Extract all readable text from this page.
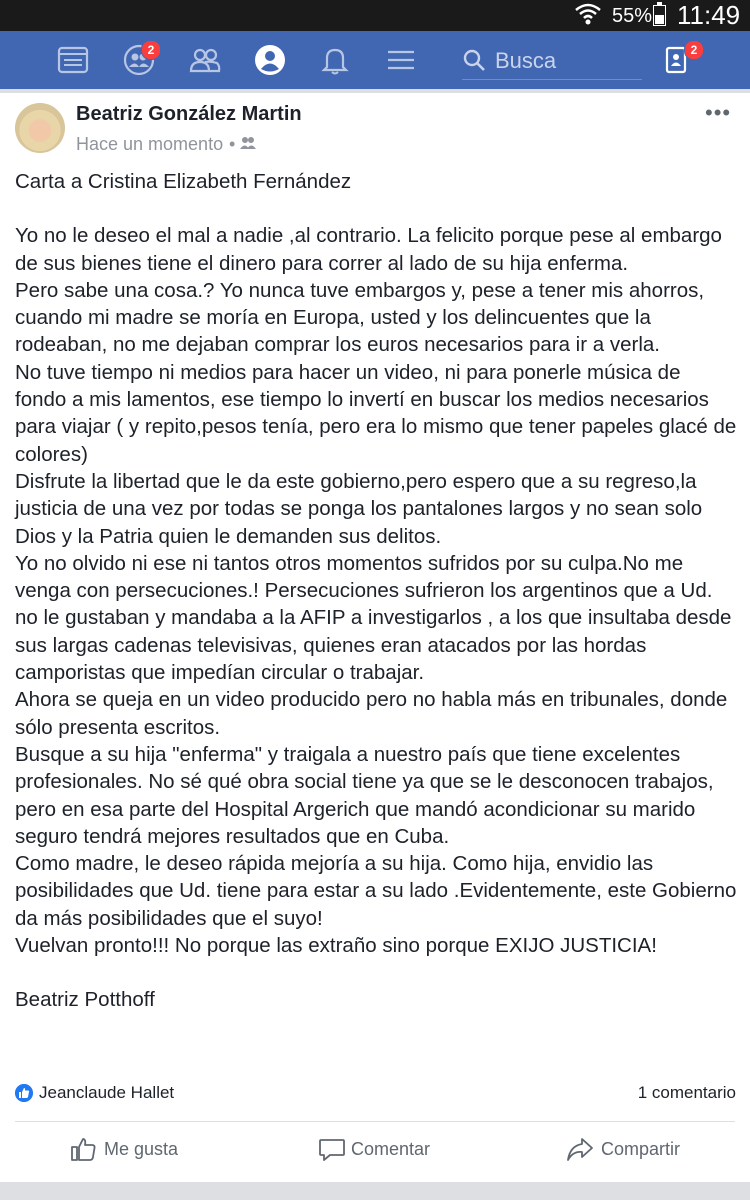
55% 11:49
2	Busca	2
Beatriz González Martin
Hace un momento •
•••

Carta a Cristina Elizabeth Fernández

Yo no le deseo el mal a nadie ,al contrario. La felicito porque pese al embargo de sus bienes tiene el dinero para correr al lado de su hija enferma.

Pero sabe una cosa.? Yo nunca tuve embargos y, pese a tener mis ahorros, cuando mi madre se moría en Europa, usted y los delincuentes que la rodeaban, no me dejaban comprar los euros necesarios para ir a verla.

No tuve tiempo ni medios para hacer un video, ni para ponerle música de fondo a mis lamentos, ese tiempo lo invertí en buscar los medios necesarios para viajar ( y repito,pesos tenía, pero era lo mismo que tener papeles glacé de colores)

Disfrute la libertad que le da este gobierno,pero espero que a su regreso,la justicia de una vez por todas se ponga los pantalones largos y no sean solo Dios y la Patria quien le demanden sus delitos.

Yo no olvido ni ese ni tantos otros momentos sufridos por su culpa.No me venga con persecuciones.! Persecuciones sufrieron los argentinos que a Ud. no le gustaban y mandaba a la AFIP a investigarlos , a los que insultaba desde sus largas cadenas televisivas, quienes eran atacados por las hordas camporistas que impedían circular o trabajar.

Ahora se queja en un video producido pero no habla más en tribunales, donde sólo presenta escritos.

Busque a su hija "enferma" y traigala a nuestro país que tiene excelentes profesionales. No sé qué obra social tiene ya que se le desconocen trabajos, pero en esa parte del Hospital Argerich que mandó acondicionar su marido seguro tendrá mejores resultados que en Cuba.

Como madre, le deseo rápida mejoría a su hija. Como hija, envidio las posibilidades que Ud. tiene para estar a su lado .Evidentemente, este Gobierno da más posibilidades que el suyo!

Vuelvan pronto!!! No porque las extraño sino porque EXIJO JUSTICIA!

Beatriz Potthoff

Jeanclaude Hallet	1 comentario
Me gusta	Comentar	Compartir
